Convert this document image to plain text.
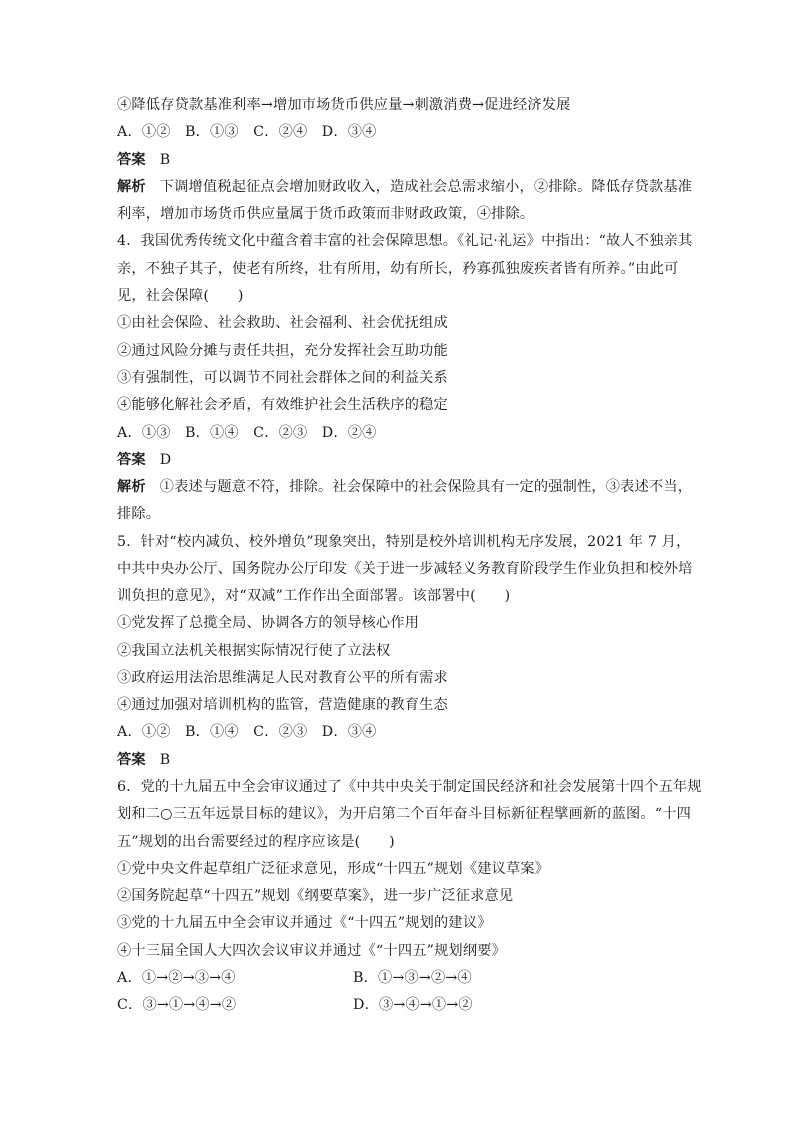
④降低存贷款基准利率→增加市场货币供应量→刺激消费→促进经济发展
A．①②　B．①③　C．②④　D．③④
答案 B
解析 下调增值税起征点会增加财政收入，造成社会总需求缩小，②排除。降低存贷款基准
利率，增加市场货币供应量属于货币政策而非财政政策，④排除。
4．我国优秀传统文化中蕴含着丰富的社会保障思想。《礼记·礼运》中指出：“故人不独亲其
亲，不独子其子，使老有所终，壮有所用，幼有所长，矜寡孤独废疾者皆有所养。”由此可
见，社会保障(　　)
①由社会保险、社会救助、社会福利、社会优抚组成
②通过风险分摊与责任共担，充分发挥社会互助功能
③有强制性，可以调节不同社会群体之间的利益关系
④能够化解社会矛盾，有效维护社会生活秩序的稳定
A．①③　B．①④　C．②③　D．②④
答案 D
解析 ①表述与题意不符，排除。社会保障中的社会保险具有一定的强制性，③表述不当，
排除。
5．针对“校内减负、校外增负”现象突出，特别是校外培训机构无序发展，2021 年 7 月，
中共中央办公厅、国务院办公厅印发《关于进一步减轻义务教育阶段学生作业负担和校外培
训负担的意见》，对“双减”工作作出全面部署。该部署中(　　)
①党发挥了总揽全局、协调各方的领导核心作用
②我国立法机关根据实际情况行使了立法权
③政府运用法治思维满足人民对教育公平的所有需求
④通过加强对培训机构的监管，营造健康的教育生态
A．①②　B．①④　C．②③　D．③④
答案 B
6．党的十九届五中全会审议通过了《中共中央关于制定国民经济和社会发展第十四个五年规
划和二○三五年远景目标的建议》，为开启第二个百年奋斗目标新征程擘画新的蓝图。“十四
五”规划的出台需要经过的程序应该是(　　)
①党中央文件起草组广泛征求意见，形成“十四五”规划《建议草案》
②国务院起草“十四五”规划《纲要草案》，进一步广泛征求意见
③党的十九届五中全会审议并通过《“十四五”规划的建议》
④十三届全国人大四次会议审议并通过《“十四五”规划纲要》
A．①→②→③→④	B．①→③→②→④
C．③→①→④→②	D．③→④→①→②
